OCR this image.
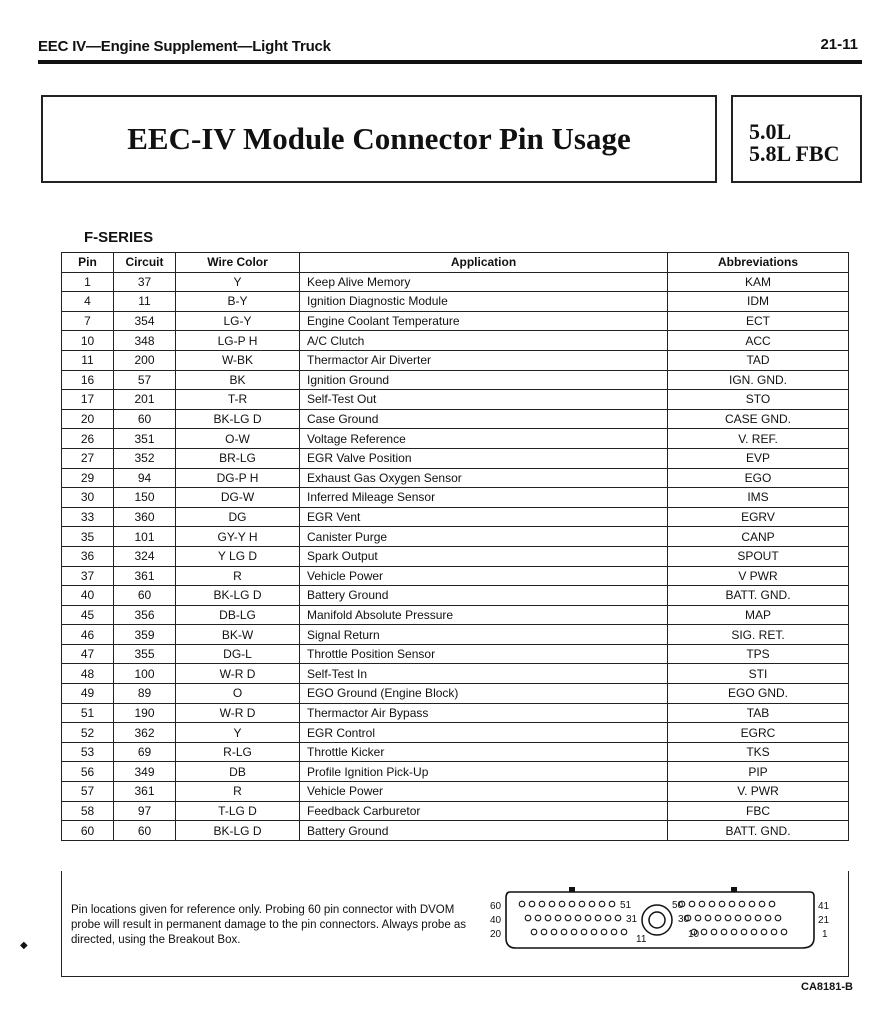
EEC IV—Engine Supplement—Light Truck	21-11
EEC-IV Module Connector Pin Usage	5.0L
5.8L FBC
F-SERIES
Pin	Circuit	Wire Color	Application	Abbreviations
1	37	Y	Keep Alive Memory	KAM
4	11	B-Y	Ignition Diagnostic Module	IDM
7	354	LG-Y	Engine Coolant Temperature	ECT
10	348	LG-P H	A/C Clutch	ACC
11	200	W-BK	Thermactor Air Diverter	TAD
16	57	BK	Ignition Ground	IGN. GND.
17	201	T-R	Self-Test Out	STO
20	60	BK-LG D	Case Ground	CASE GND.
26	351	O-W	Voltage Reference	V. REF.
27	352	BR-LG	EGR Valve Position	EVP
29	94	DG-P H	Exhaust Gas Oxygen Sensor	EGO
30	150	DG-W	Inferred Mileage Sensor	IMS
33	360	DG	EGR Vent	EGRV
35	101	GY-Y H	Canister Purge	CANP
36	324	Y LG D	Spark Output	SPOUT
37	361	R	Vehicle Power	V PWR
40	60	BK-LG D	Battery Ground	BATT. GND.
45	356	DB-LG	Manifold Absolute Pressure	MAP
46	359	BK-W	Signal Return	SIG. RET.
47	355	DG-L	Throttle Position Sensor	TPS
48	100	W-R D	Self-Test In	STI
49	89	O	EGO Ground (Engine Block)	EGO GND.
51	190	W-R D	Thermactor Air Bypass	TAB
52	362	Y	EGR Control	EGRC
53	69	R-LG	Throttle Kicker	TKS
56	349	DB	Profile Ignition Pick-Up	PIP
57	361	R	Vehicle Power	V. PWR
58	97	T-LG D	Feedback Carburetor	FBC
60	60	BK-LG D	Battery Ground	BATT. GND.
Pin locations given for reference only. Probing 60 pin connector with DVOM probe will result in permanent damage to the pin connectors. Always probe as directed, using the Breakout Box.
◆
60
40
20
41
21
1
51	50
31	30
11	10
CA8181-B
